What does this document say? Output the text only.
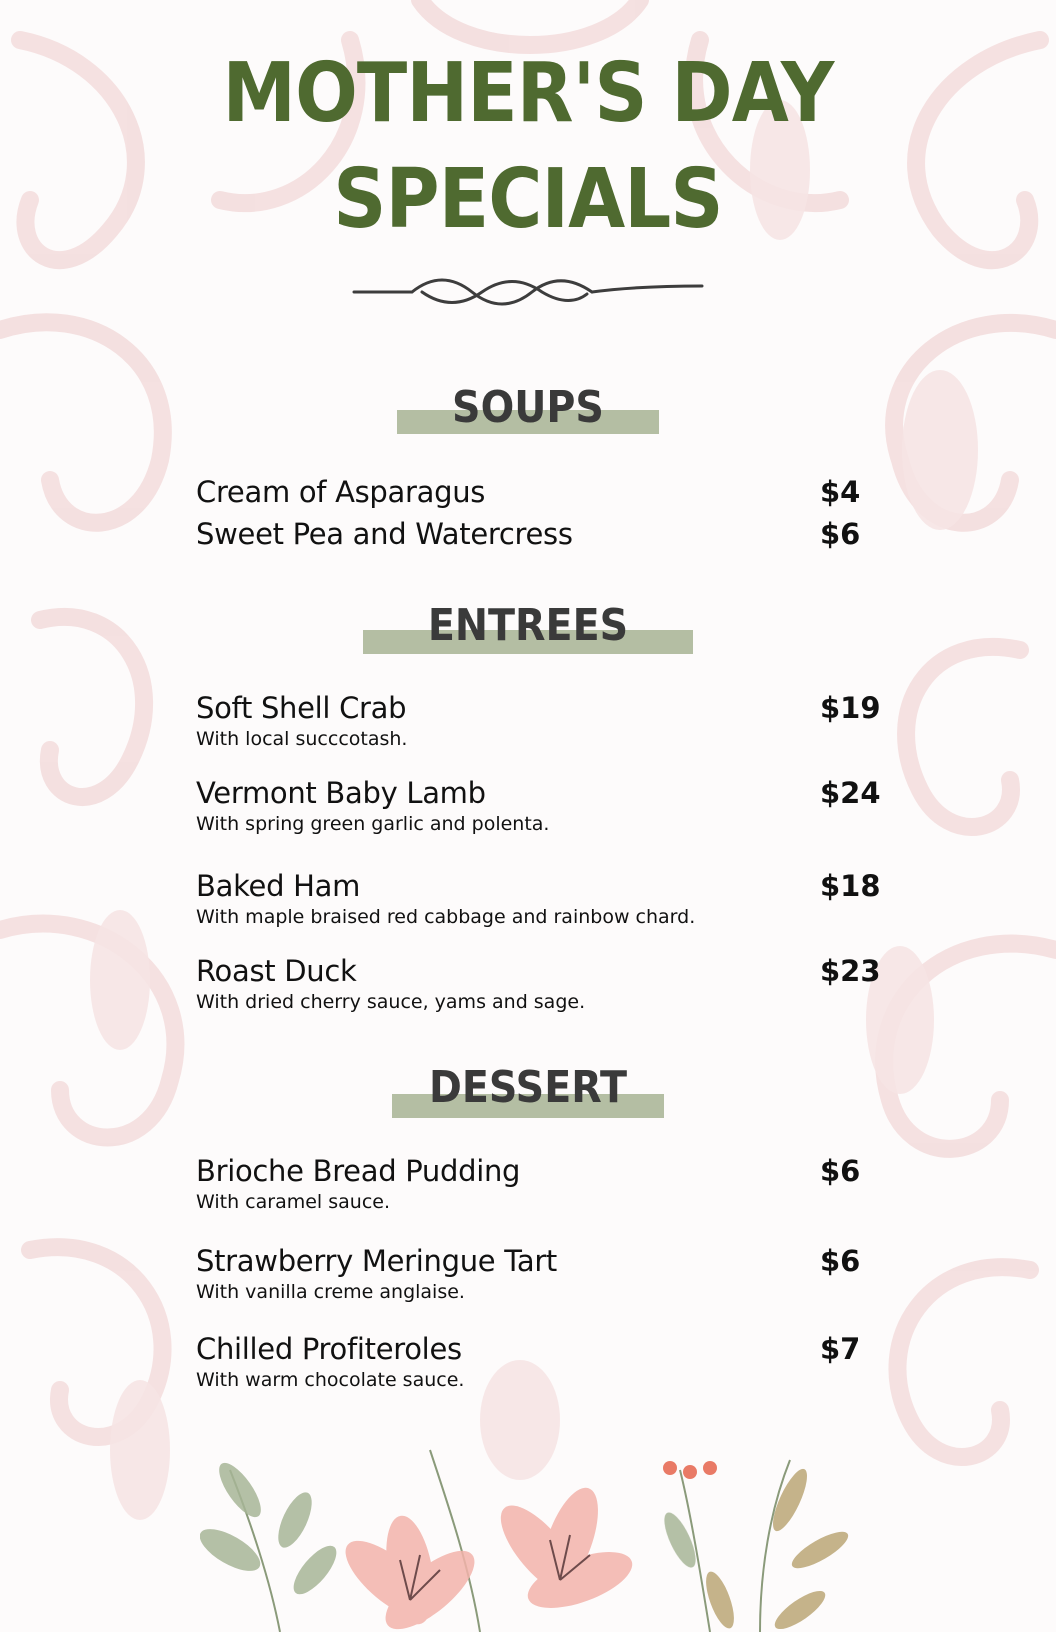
MOTHER'S DAY
SPECIALS
SOUPS
Cream of Asparagus	$4
Sweet Pea and Watercress	$6
ENTREES
Soft Shell Crab
With local succcotash.
$19
Vermont Baby Lamb
With spring green garlic and polenta.
$24
Baked Ham
With maple braised red cabbage and rainbow chard.
$18
Roast Duck
With dried cherry sauce, yams and sage.
$23
DESSERT
Brioche Bread Pudding
With caramel sauce.
$6
Strawberry Meringue Tart
With vanilla creme anglaise.
$6
Chilled Profiteroles
With warm chocolate sauce.
$7
